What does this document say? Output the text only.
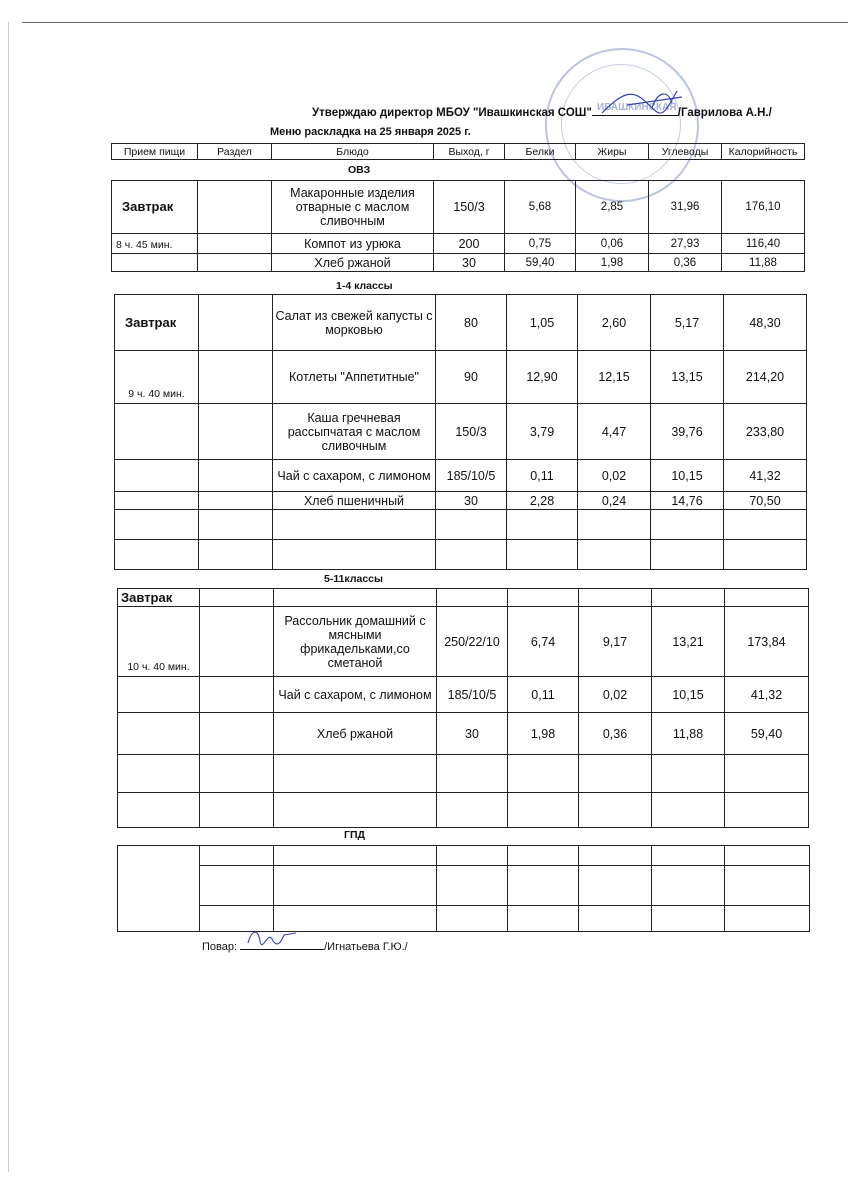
ИВАШКИНСКАЯ
Утверждаю директор МБОУ "Ивашкинская СОШ"	/Гаврилова А.Н./
Меню раскладка на 25 января 2025 г.
Прием пищи	Раздел	Блюдо	Выход, г	Белки	Жиры	Углеводы	Калорийность
ОВЗ
Завтрак		Макаронные изделия отварные с маслом сливочным	150/3	5,68	2,85	31,96	176,10
8 ч. 45 мин.		Компот из урюка	200	0,75	0,06	27,93	116,40
		Хлеб ржаной	30	59,40	1,98	0,36	11,88
1-4 классы
Завтрак		Салат из свежей капусты с морковью	80	1,05	2,60	5,17	48,30
9 ч. 40 мин.		Котлеты "Аппетитные"	90	12,90	12,15	13,15	214,20
		Каша гречневая рассыпчатая с маслом сливочным	150/3	3,79	4,47	39,76	233,80
		Чай с сахаром, с лимоном	185/10/5	0,11	0,02	10,15	41,32
		Хлеб пшеничный	30	2,28	0,24	14,76	70,50

5-11классы
Завтрак							
10 ч. 40 мин.		Рассольник домашний с мясными фрикадельками,со сметаной	250/22/10	6,74	9,17	13,21	173,84
		Чай с сахаром, с лимоном	185/10/5	0,11	0,02	10,15	41,32
		Хлеб ржаной	30	1,98	0,36	11,88	59,40

ГПД

Повар:	/Игнатьева Г.Ю./
